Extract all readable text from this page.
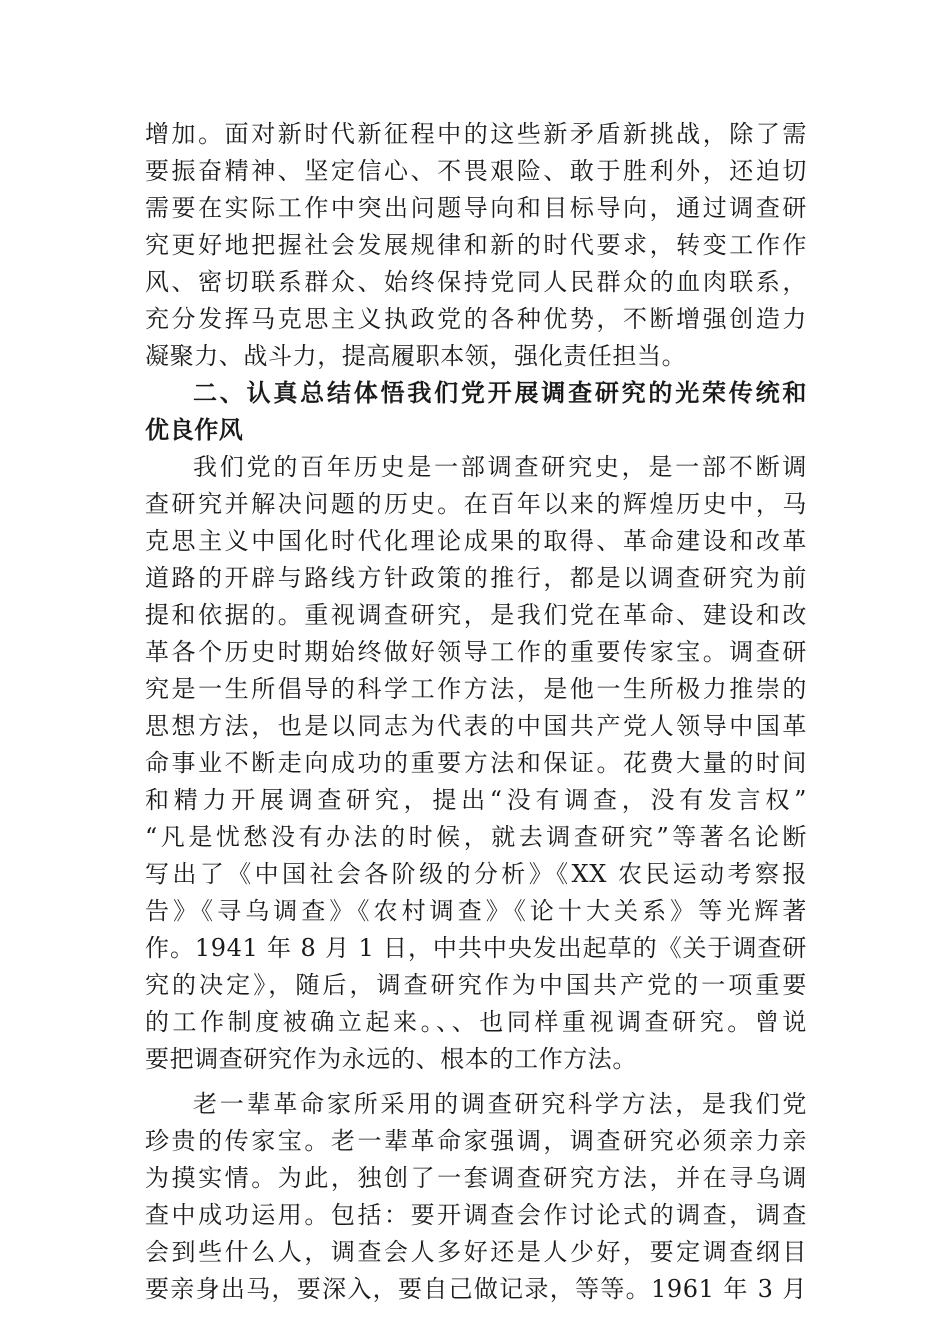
增加。面对新时代新征程中的这些新矛盾新挑战，除了需
要振奋精神、坚定信心、不畏艰险、敢于胜利外，还迫切
需要在实际工作中突出问题导向和目标导向，通过调查研
究更好地把握社会发展规律和新的时代要求，转变工作作
风、密切联系群众、始终保持党同人民群众的血肉联系，
充分发挥马克思主义执政党的各种优势，不断增强创造力
凝聚力、战斗力，提高履职本领，强化责任担当。
二、认真总结体悟我们党开展调查研究的光荣传统和
优良作风
我们党的百年历史是一部调查研究史，是一部不断调
查研究并解决问题的历史。在百年以来的辉煌历史中，马
克思主义中国化时代化理论成果的取得、革命建设和改革
道路的开辟与路线方针政策的推行，都是以调查研究为前
提和依据的。重视调查研究，是我们党在革命、建设和改
革各个历史时期始终做好领导工作的重要传家宝。调查研
究是一生所倡导的科学工作方法，是他一生所极力推崇的
思想方法，也是以同志为代表的中国共产党人领导中国革
命事业不断走向成功的重要方法和保证。花费大量的时间
和精力开展调查研究，提出“没有调查，没有发言权”
“凡是忧愁没有办法的时候，就去调查研究”等著名论断
写出了《中国社会各阶级的分析》《XX 农民运动考察报
告》《寻乌调查》《农村调查》《论十大关系》等光辉著
作。1941 年 8 月 1 日，中共中央发出起草的《关于调查研
究的决定》，随后，调查研究作为中国共产党的一项重要
的工作制度被确立起来。、、也同样重视调查研究。曾说
要把调查研究作为永远的、根本的工作方法。
老一辈革命家所采用的调查研究科学方法，是我们党
珍贵的传家宝。老一辈革命家强调，调查研究必须亲力亲
为摸实情。为此，独创了一套调查研究方法，并在寻乌调
查中成功运用。包括：要开调查会作讨论式的调查，调查
会到些什么人，调查会人多好还是人少好，要定调查纲目
要亲身出马，要深入，要自己做记录，等等。1961 年 3 月
